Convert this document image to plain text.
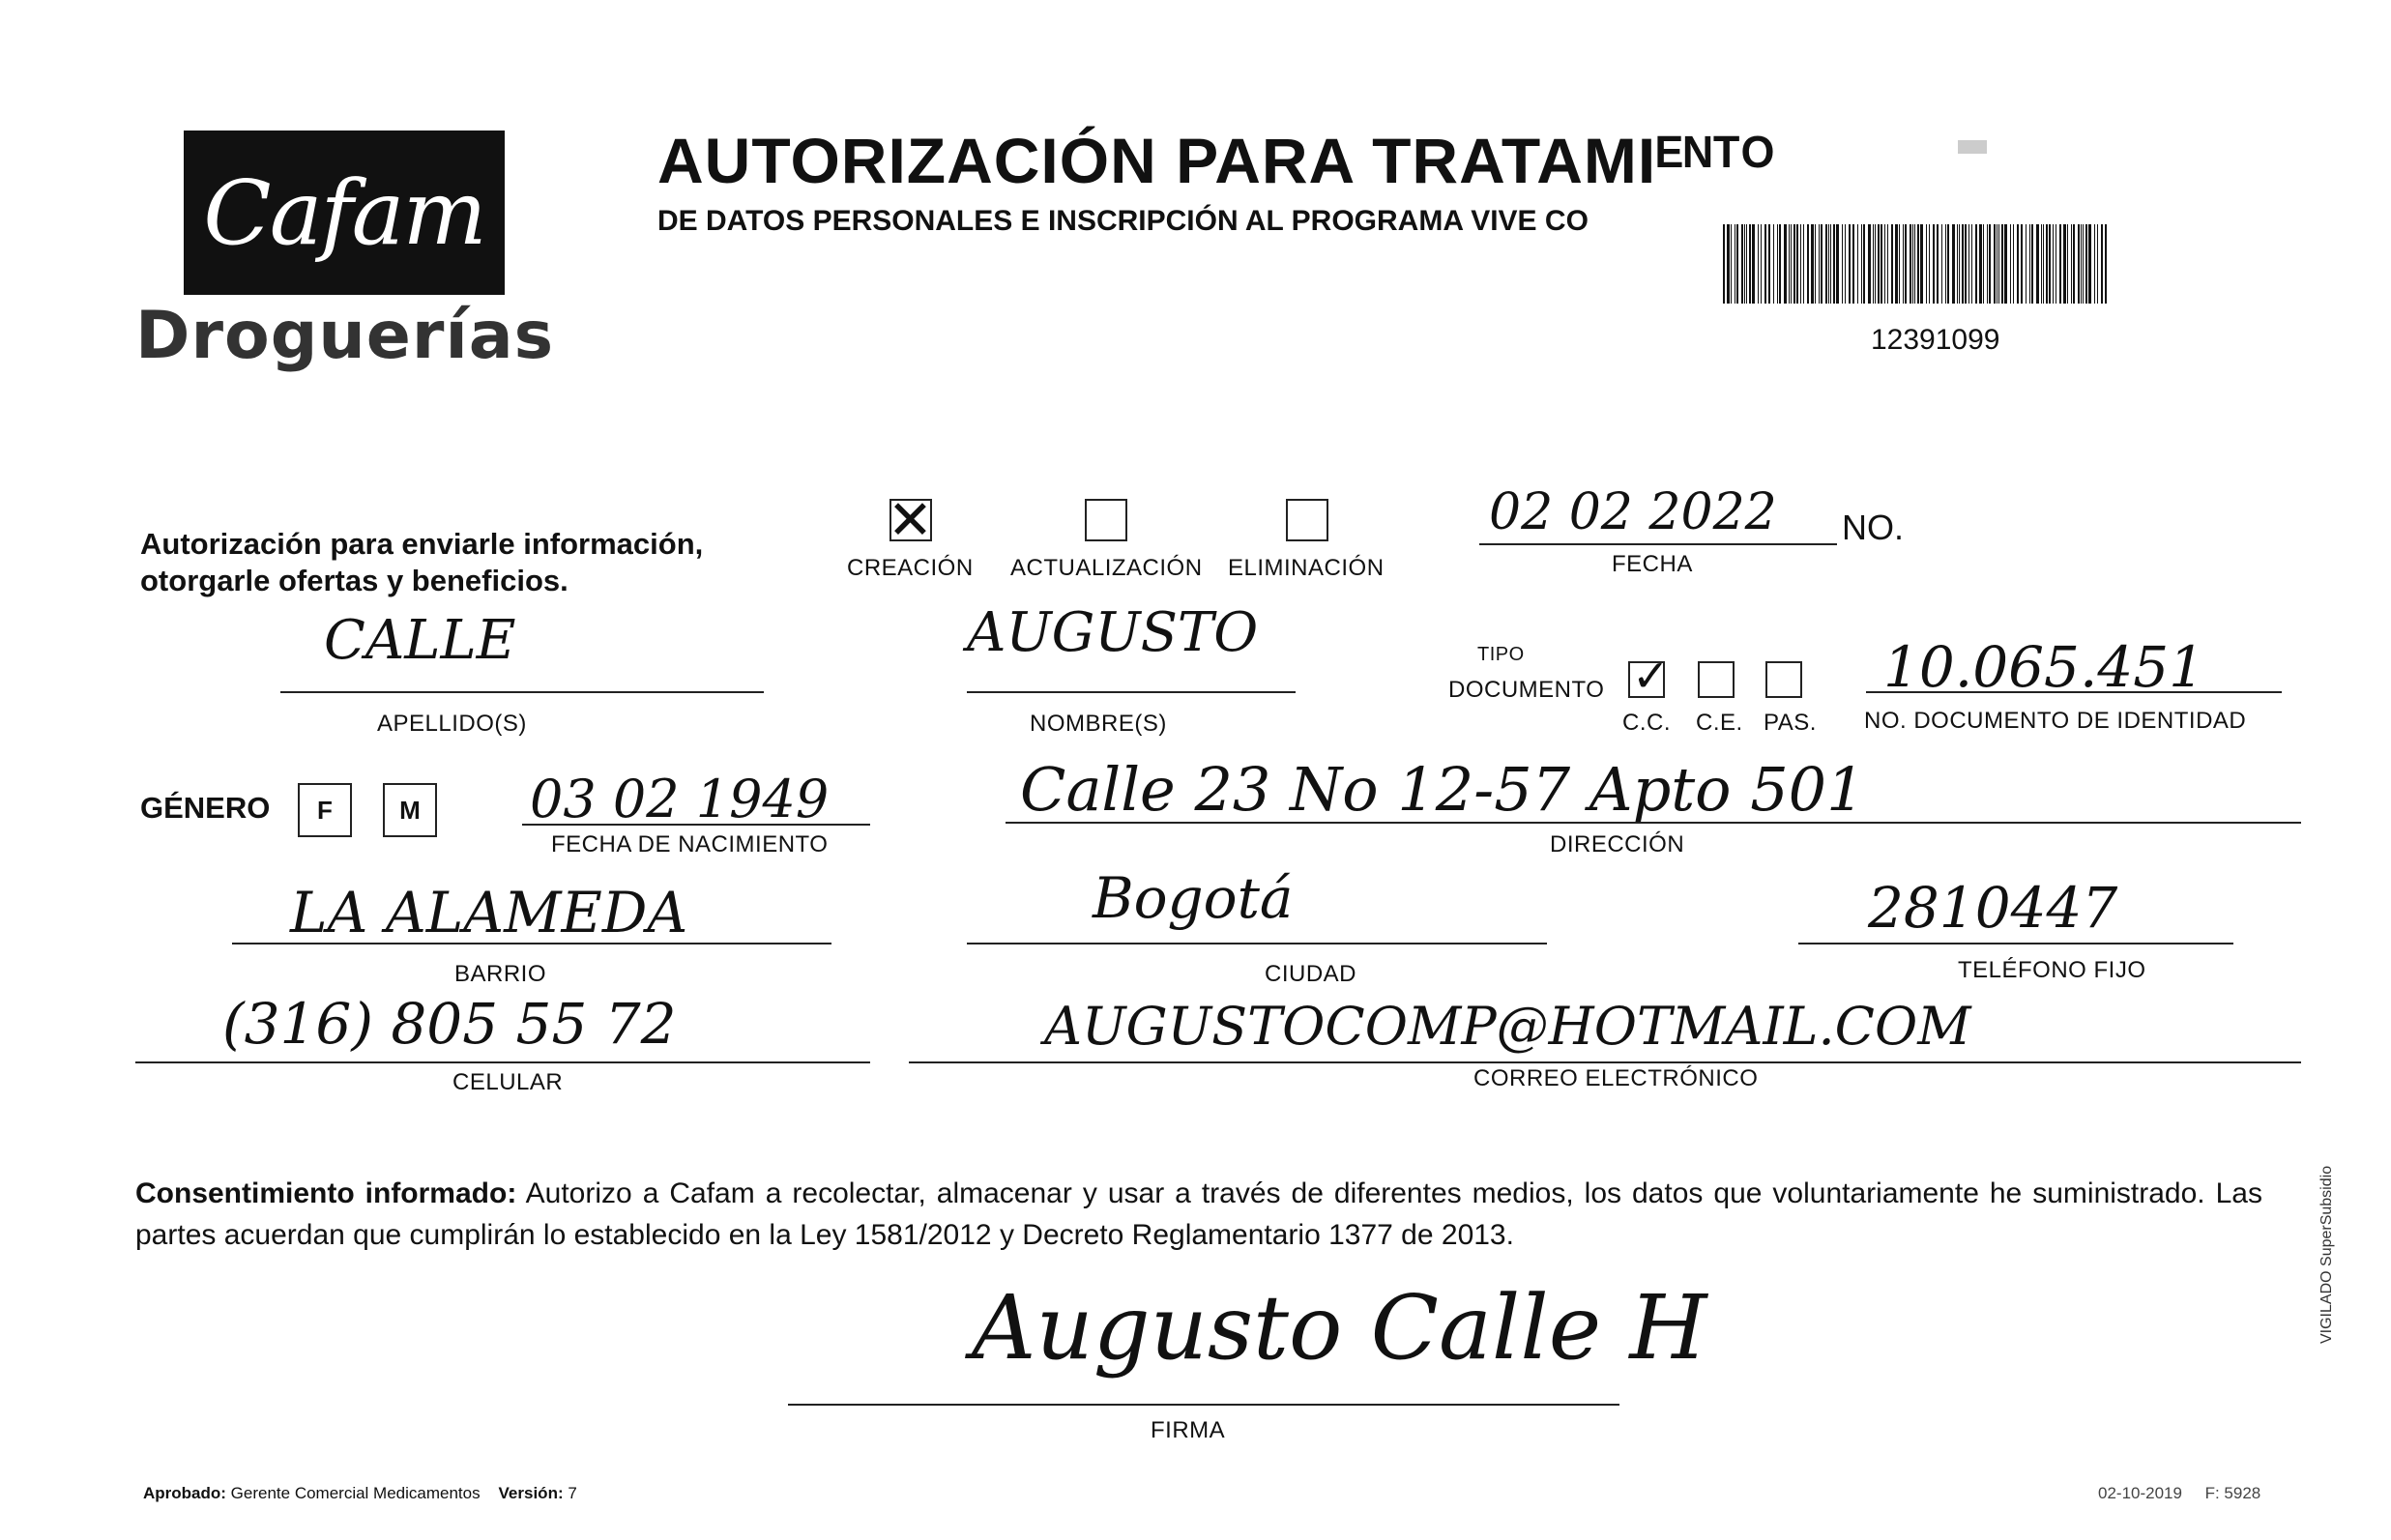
Cafam
Droguerías
AUTORIZACIÓN PARA TRATAMIᴱᴺᵀᴼ
DE DATOS PERSONALES E INSCRIPCIÓN AL PROGRAMA VIVE CO
12391099
Autorización para enviarle información,
otorgarle ofertas y beneficios.
✕	CREACIÓN ACTUALIZACIÓN ELIMINACIÓN
02 02 2022
FECHA
NO.
CALLE
APELLIDO(S)
AUGUSTO
NOMBRE(S)
TIPO
DOCUMENTO
✓
C.C. C.E. PAS.
10.065.451
NO. DOCUMENTO DE IDENTIDAD
GÉNERO	F	M	03 02 1949
FECHA DE NACIMIENTO
Calle 23 No 12-57 Apto 501
DIRECCIÓN
LA ALAMEDA
BARRIO
Bogotá
CIUDAD
2810447
TELÉFONO FIJO
(316) 805 55 72
CELULAR
AUGUSTOCOMP@HOTMAIL.COM
CORREO ELECTRÓNICO
Consentimiento informado: Autorizo a Cafam a recolectar, almacenar y usar a través de diferentes medios, los datos que voluntariamente he suministrado. Las partes acuerdan que cumplirán lo establecido en la Ley 1581/2012 y Decreto Reglamentario 1377 de 2013.
Augusto Calle H
FIRMA
Aprobado: Gerente Comercial Medicamentos Versión: 7	02-10-2019 F: 5928
VIGILADO SuperSubsidio
